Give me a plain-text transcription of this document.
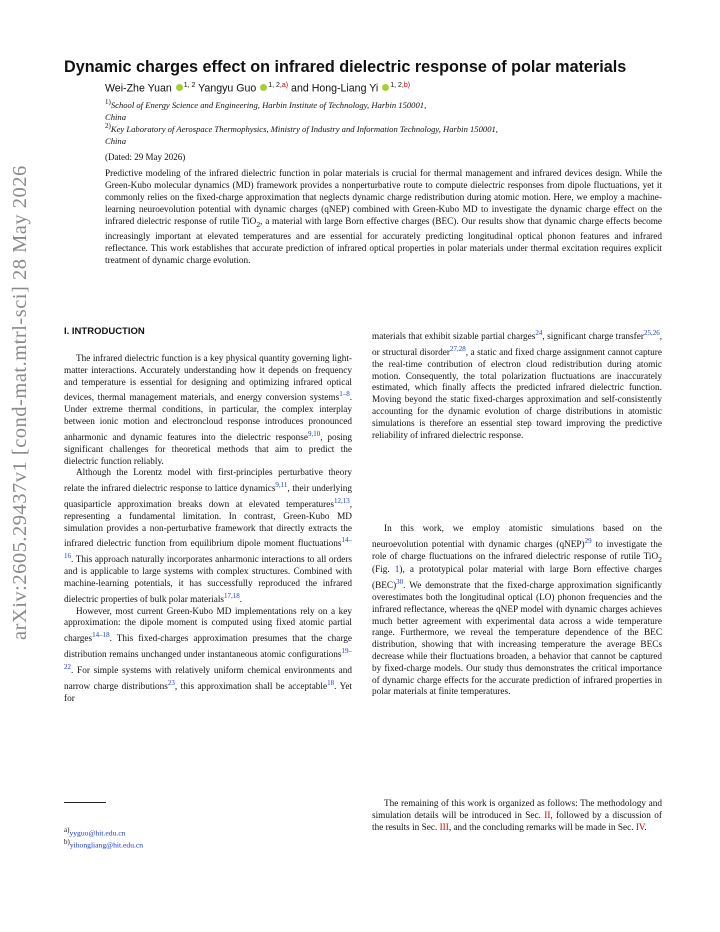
arXiv:2605.29437v1 [cond-mat.mtrl-sci] 28 May 2026
Dynamic charges effect on infrared dielectric response of polar materials
Wei-Zhe Yuan $^{1, 2}$ Yangyu Guo $^{1, 2,a)}$ and Hong-Liang Yi $^{1, 2,b)}$
$^{1)}$School of Energy Science and Engineering, Harbin Institute of Technology, Harbin 150001,
China
$^{2)}$Key Laboratory of Aerospace Thermophysics, Ministry of Industry and Information Technology, Harbin 150001,
China
(Dated: 29 May 2026)
Predictive modeling of the infrared dielectric function in polar materials is crucial for thermal management and infrared devices design. While the Green-Kubo molecular dynamics (MD) framework provides a nonperturbative route to compute dielectric responses from dipole fluctuations, yet it commonly relies on the fixed-charge approximation that neglects dynamic charge redistribution during atomic motion. Here, we employ a machine-learning neuroevolution potential with dynamic charges (qNEP) combined with Green-Kubo MD to investigate the dynamic charge effect on the infrared dielectric response of rutile TiO$_2$, a material with large Born effective charges (BEC). Our results show that dynamic charge effects become increasingly important at elevated temperatures and are essential for accurately predicting longitudinal optical phonon features and infrared reflectance. This work establishes that accurate prediction of infrared optical properties in polar materials under thermal excitation requires explicit treatment of dynamic charge evolution.
I. INTRODUCTION

The infrared dielectric function is a key physical quantity governing light-matter interactions. Accurately understanding how it depends on frequency and temperature is essential for designing and optimizing infrared optical devices, thermal management materials, and energy conversion systems$^{1-8}$. Under extreme thermal conditions, in particular, the complex interplay between ionic motion and electroncloud response introduces pronounced anharmonic and dynamic features into the dielectric response$^{9,10}$, posing significant challenges for theoretical methods that aim to predict the dielectric function reliably.

Although the Lorentz model with first-principles perturbative theory relate the infrared dielectric response to lattice dynamics$^{9,11}$, their underlying quasiparticle approximation breaks down at elevated temperatures$^{12,13}$, representing a fundamental limitation. In contrast, Green-Kubo MD simulation provides a non-perturbative framework that directly extracts the infrared dielectric function from equilibrium dipole moment fluctuations$^{14-16}$. This approach naturally incorporates anharmonic interactions to all orders and is applicable to large systems with complex structures. Combined with machine-learning potentials, it has successfully reproduced the infrared dielectric properties of bulk polar materials$^{17,18}$.

However, most current Green-Kubo MD implementations rely on a key approximation: the dipole moment is computed using fixed atomic partial charges$^{14-18}$. This fixed-charges approximation presumes that the charge distribution remains unchanged under instantaneous atomic configurations$^{19-22}$. For simple systems with relatively uniform chemical environments and narrow charge distributions$^{23}$, this approximation shall be acceptable$^{18}$. Yet for

materials that exhibit sizable partial charges$^{24}$, significant charge transfer$^{25,26}$, or structural disorder$^{27,28}$, a static and fixed charge assignment cannot capture the real-time contribution of electron cloud redistribution during atomic motion. Consequently, the total polarization fluctuations are inaccurately estimated, which finally affects the predicted infrared dielectric function. Moving beyond the static fixed-charges approximation and self-consistently accounting for the dynamic evolution of charge distributions in atomistic simulations is therefore an essential step toward improving the predictive reliability of infrared dielectric response.

In this work, we employ atomistic simulations based on the neuroevolution potential with dynamic charges (qNEP)$^{29}$ to investigate the role of charge fluctuations on the infrared dielectric response of rutile TiO$_2$ (Fig. 1), a prototypical polar material with large Born effective charges (BEC)$^{30}$. We demonstrate that the fixed-charge approximation significantly overestimates both the longitudinal optical (LO) phonon frequencies and the infrared reflectance, whereas the qNEP model with dynamic charges achieves much better agreement with experimental data across a wide temperature range. Furthermore, we reveal the temperature dependence of the BEC distribution, showing that with increasing temperature the average BECs decrease while their fluctuations broaden, a behavior that cannot be captured by fixed-charge models. Our study thus demonstrates the critical importance of dynamic charge effects for the accurate prediction of infrared properties in polar materials at finite temperatures.

The remaining of this work is organized as follows: The methodology and simulation details will be introduced in Sec. II, followed by a discussion of the results in Sec. III, and the concluding remarks will be made in Sec. IV.

$^{a)}$yyguo@hit.edu.cn
$^{b)}$yihongliang@hit.edu.cn
